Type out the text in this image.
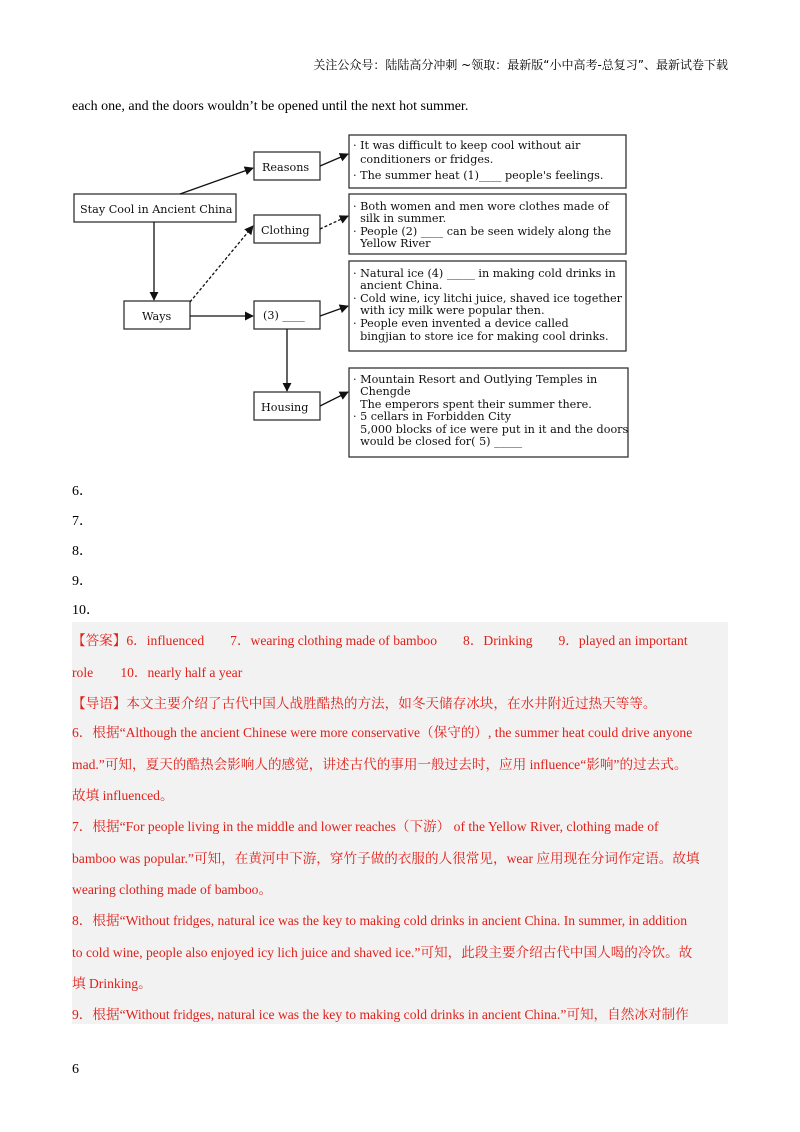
关注公众号：陆陆高分冲刺 ~领取：最新版“小中高考-总复习”、最新试卷下载
each one, and the doors wouldn’t be opened until the next hot summer.
Stay Cool in Ancient China
Reasons
Clothing
Ways	(3) ____
Housing
· It was difficult to keep cool without air   conditioners or fridges. · The summer heat (1)____ people's feelings.
· Both women and men wore clothes made of   silk in summer. · People (2) ____ can be seen widely along the   Yellow River
· Natural ice (4) _____ in making cold drinks in   ancient China. · Cold wine, icy litchi juice, shaved ice together   with icy milk were popular then. · People even invented a device called   bingjian to store ice for making cool drinks.
· Mountain Resort and Outlying Temples in   Chengde   The emperors spent their summer there. · 5 cellars in Forbidden City   5,000 blocks of ice were put in it and the doors   would be closed for( 5) _____
6．
7．
8．
9．
10．
【答案】6．influenced 7．wearing clothing made of bamboo 8．Drinking 9．played an important
role　　10．nearly half a year
【导语】本文主要介绍了古代中国人战胜酷热的方法，如冬天储存冰块，在水井附近过热天等等。
6．根据“Although the ancient Chinese were more conservative（保守的）, the summer heat could drive anyone
mad.”可知，夏天的酷热会影响人的感觉，讲述古代的事用一般过去时，应用 influence“影响”的过去式。
故填 influenced。
7．根据“For people living in the middle and lower reaches（下游） of the Yellow River, clothing made of
bamboo was popular.”可知，在黄河中下游，穿竹子做的衣服的人很常见，wear 应用现在分词作定语。故填
wearing clothing made of bamboo。
8．根据“Without fridges, natural ice was the key to making cold drinks in ancient China. In summer, in addition
to cold wine, people also enjoyed icy lich juice and shaved ice.”可知，此段主要介绍古代中国人喝的冷饮。故
填 Drinking。
9．根据“Without fridges, natural ice was the key to making cold drinks in ancient China.”可知，自然冰对制作
6
